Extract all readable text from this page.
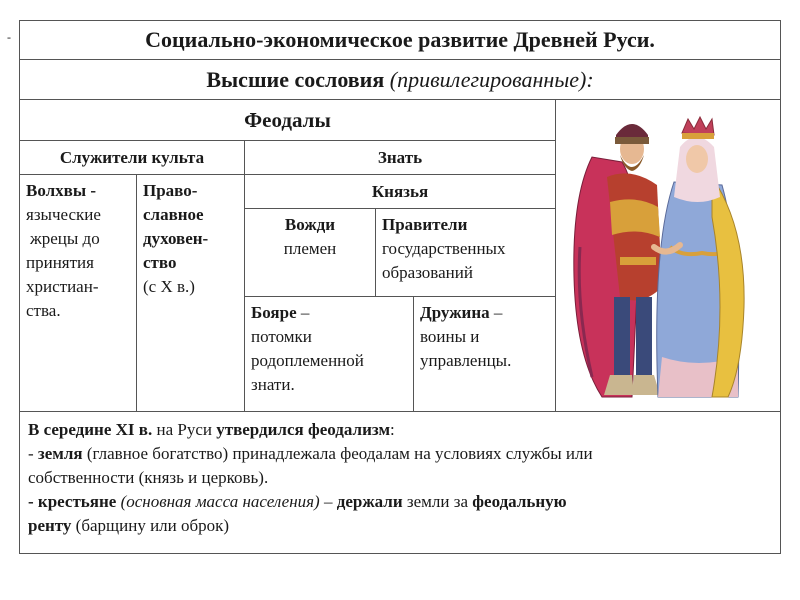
-	Социально-экономическое развитие Древней Руси.
Высшие сословия
(привилегированные):
Феодалы
Служители культа	Знать
Волхвы -
языческие
жрецы до
принятия
христиан-
ства.
Право-
славное
духовен-
ство
(с X в.)
Князья
Вожди
племен
Правители
государственных
образований
Бояре –
потомки
родоплеменной
знати.
Дружина –
воины и
управленцы.
В середине XI в. на Руси утвердился феодализм:
- земля (главное богатство) принадлежала феодалам на условиях службы или
собственности (князь и церковь).
- крестьяне (основная масса населения) – держали земли за феодальную
ренту (барщину или оброк)
